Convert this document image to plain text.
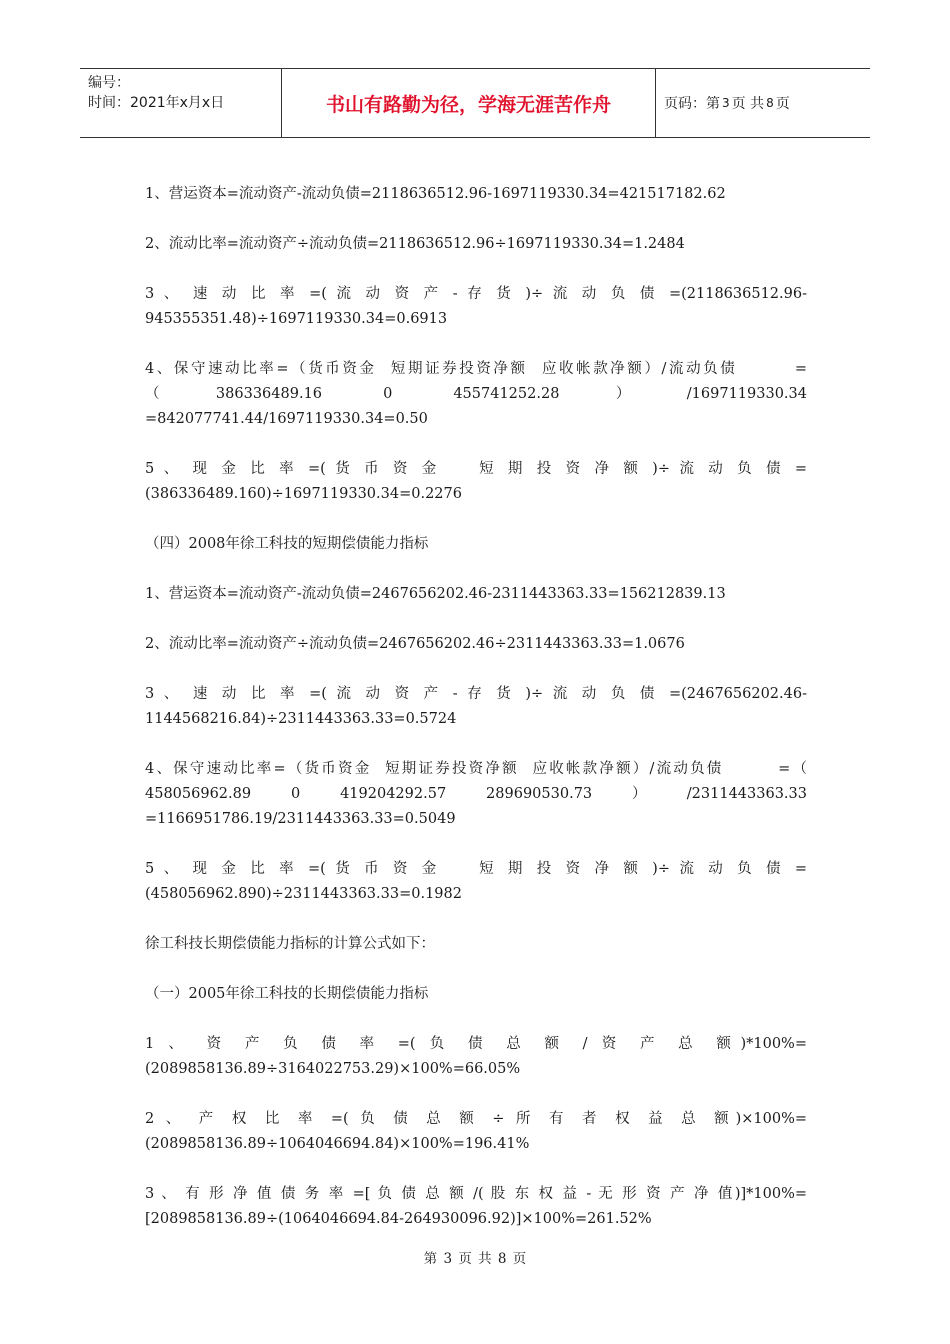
编号：
时间：2021年x月x日	书山有路勤为径，学海无涯苦作舟	页码：第 3 页 共 8 页

1、营运资本=流动资产-流动负债=2118636512.96-1697119330.34=421517182.62

2、流动比率=流动资产÷流动负债=2118636512.96÷1697119330.34=1.2484

3 、 速 动 比 率 =( 流 动 资 产 - 存 货 )÷ 流 动 负 债 =(2118636512.96-945355351.48)÷1697119330.34=0.6913

4、保守速动比率=（货币资金  短期证券投资净额  应收帐款净额）/流动负债        =（386336489.16 0 455741252.28）/1697119330.34    =842077741.44/1697119330.34=0.50

5 、 现 金 比 率 =( 货 币 资 金    短 期 投 资 净 额 )÷ 流 动 负 债 =(386336489.160)÷1697119330.34=0.2276

（四）2008年徐工科技的短期偿债能力指标

1、营运资本=流动资产-流动负债=2467656202.46-2311443363.33=156212839.13

2、流动比率=流动资产÷流动负债=2467656202.46÷2311443363.33=1.0676

3 、 速 动 比 率 =( 流 动 资 产 - 存 货 )÷ 流 动 负 债 =(2467656202.46-1144568216.84)÷2311443363.33=0.5724

4、保守速动比率=（货币资金  短期证券投资净额  应收帐款净额）/流动负债        =（        458056962.89        0        419204292.57        289690530.73        ）        /2311443363.33 =1166951786.19/2311443363.33=0.5049

5 、 现 金 比 率 =( 货 币 资 金    短 期 投 资 净 额 )÷ 流 动 负 债 =(458056962.890)÷2311443363.33=0.1982

徐工科技长期偿债能力指标的计算公式如下：

（一）2005年徐工科技的长期偿债能力指标

1 、 资 产 负 债 率 =( 负 债 总 额 / 资 产 总 额)*100%=(2089858136.89÷3164022753.29)×100%=66.05%

2 、 产 权 比 率 =( 负 债 总 额 ÷ 所 有 者 权 益 总 额)×100%=(2089858136.89÷1064046694.84)×100%=196.41%

3 、 有 形 净 值 债 务 率 =[ 负 债 总 额 /( 股 东 权 益 - 无 形 资 产 净 值)]*100%=[2089858136.89÷(1064046694.84-264930096.92)]×100%=261.52%

第 3 页 共 8 页
